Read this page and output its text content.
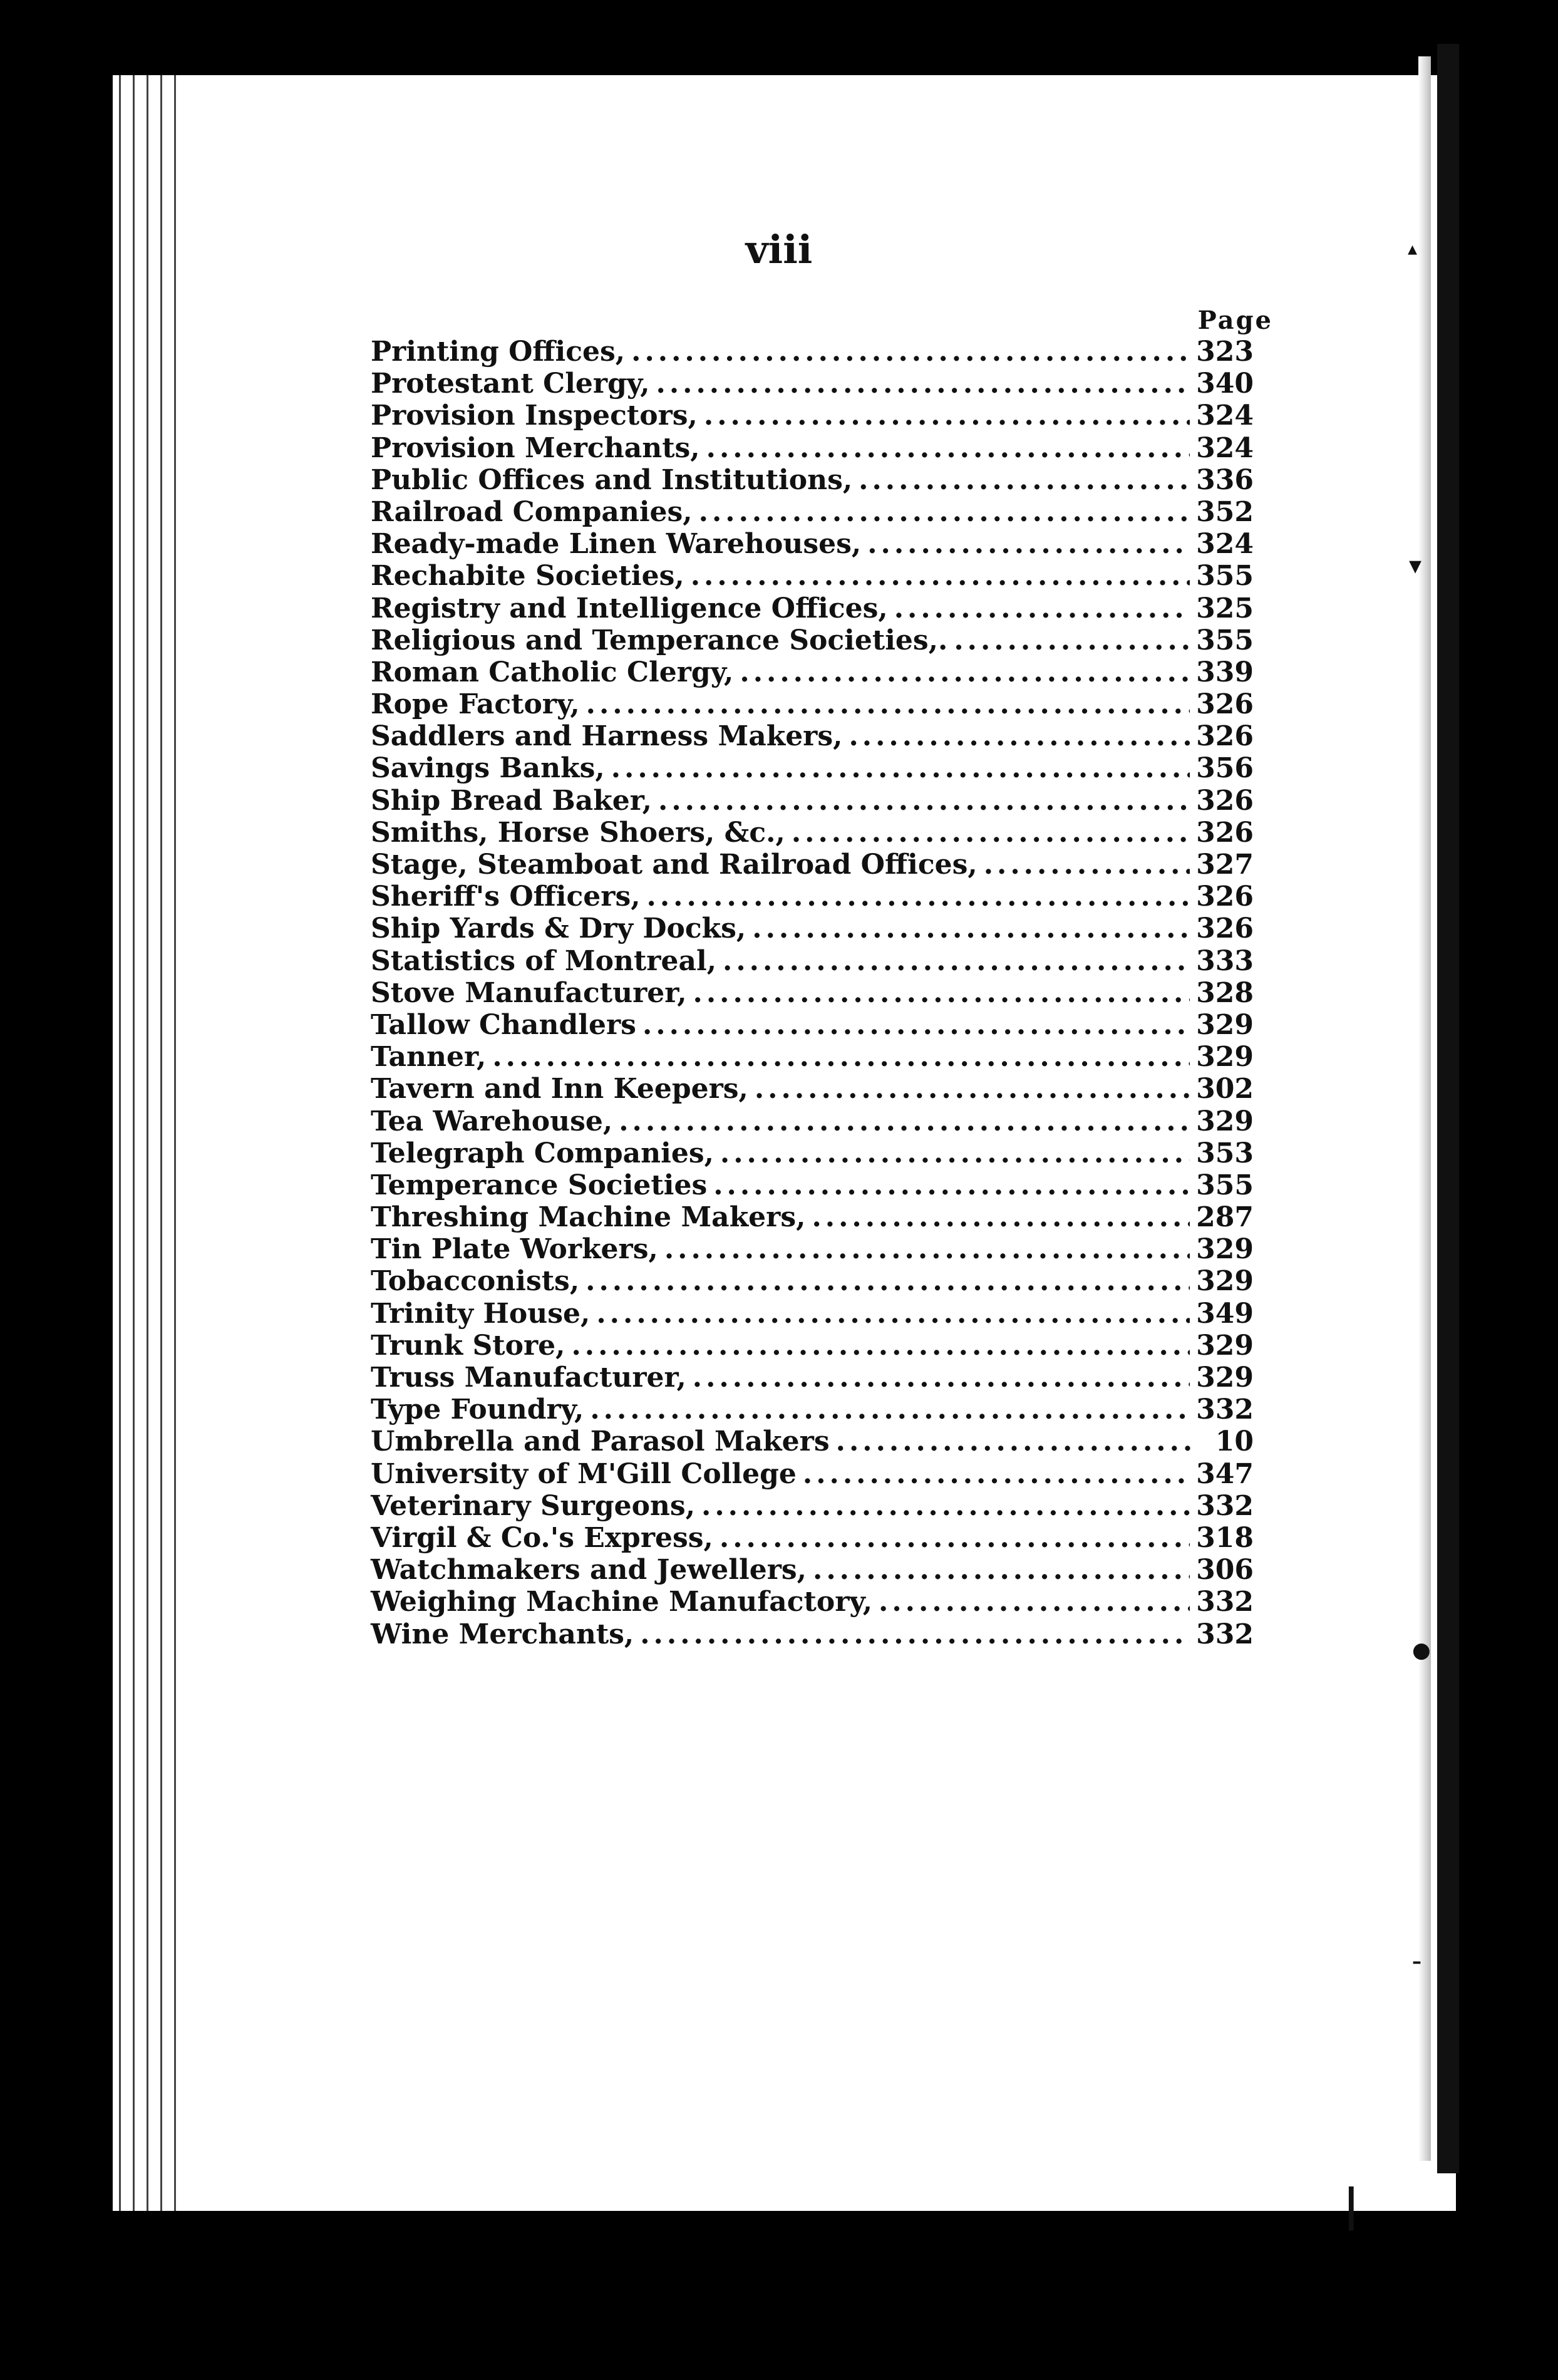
viii
Page
Printing Offices, .....	323
Protestant Clergy, .....	340
Provision Inspectors, .....	324
Provision Merchants, .....	324
Public Offices and Institutions, .....	336
Railroad Companies, .....	352
Ready-made Linen Warehouses, .....	324
Rechabite Societies, .....	355
Registry and Intelligence Offices, .....	325
Religious and Temperance Societies,. .....	355
Roman Catholic Clergy, .....	339
Rope Factory, .....	326
Saddlers and Harness Makers, .....	326
Savings Banks, .....	356
Ship Bread Baker, .....	326
Smiths, Horse Shoers, &c., .....	326
Stage, Steamboat and Railroad Offices, .....	327
Sheriff's Officers, .....	326
Ship Yards & Dry Docks, .....	326
Statistics of Montreal, .....	333
Stove Manufacturer, .....	328
Tallow Chandlers .....	329
Tanner, .....	329
Tavern and Inn Keepers, .....	302
Tea Warehouse, .....	329
Telegraph Companies, .....	353
Temperance Societies .....	355
Threshing Machine Makers, .....	287
Tin Plate Workers, .....	329
Tobacconists, .....	329
Trinity House, .....	349
Trunk Store, .....	329
Truss Manufacturer, .....	329
Type Foundry, .....	332
Umbrella and Parasol Makers .....	10
University of M'Gill College .....	347
Veterinary Surgeons, .....	332
Virgil & Co.'s Express, .....	318
Watchmakers and Jewellers, .....	306
Weighing Machine Manufactory, .....	332
Wine Merchants, .....	332
▴
▾
●
–
|
